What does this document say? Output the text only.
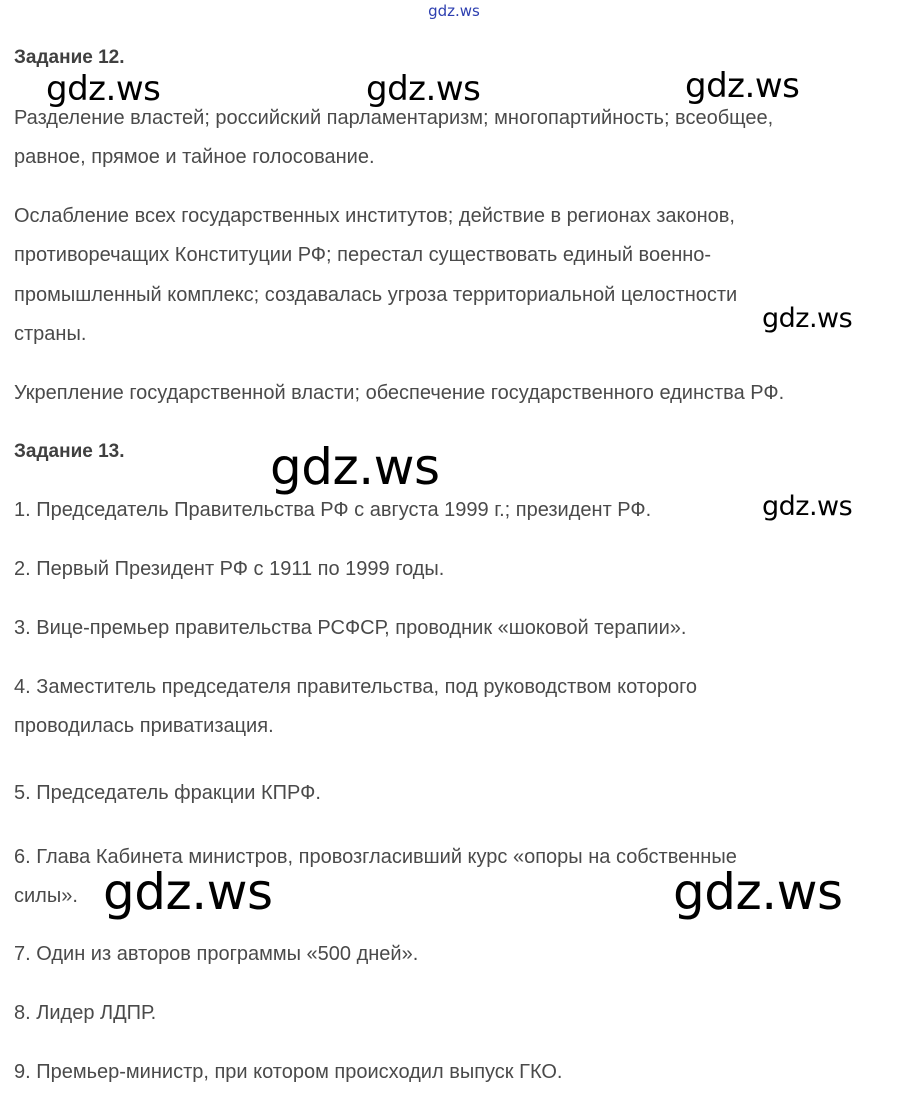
gdz.ws
Задание 12.
Разделение властей; российский парламентаризм; многопартийность; всеобщее,
равное, прямое и тайное голосование.
Ослабление всех государственных институтов; действие в регионах законов,
противоречащих Конституции РФ; перестал существовать единый военно-
промышленный комплекс; создавалась угроза территориальной целостности
страны.
Укрепление государственной власти; обеспечение государственного единства РФ.
Задание 13.
1. Председатель Правительства РФ с августа 1999 г.; президент РФ.
2. Первый Президент РФ с 1911 по 1999 годы.
3. Вице-премьер правительства РСФСР, проводник «шоковой терапии».
4. Заместитель председателя правительства, под руководством которого
проводилась приватизация.
5. Председатель фракции КПРФ.
6. Глава Кабинета министров, провозгласивший курс «опоры на собственные
силы».
7. Один из авторов программы «500 дней».
8. Лидер ЛДПР.
9. Премьер-министр, при котором происходил выпуск ГКО.
gdz.ws	gdz.ws	gdz.ws
gdz.ws
gdz.ws
gdz.ws
gdz.ws	gdz.ws
